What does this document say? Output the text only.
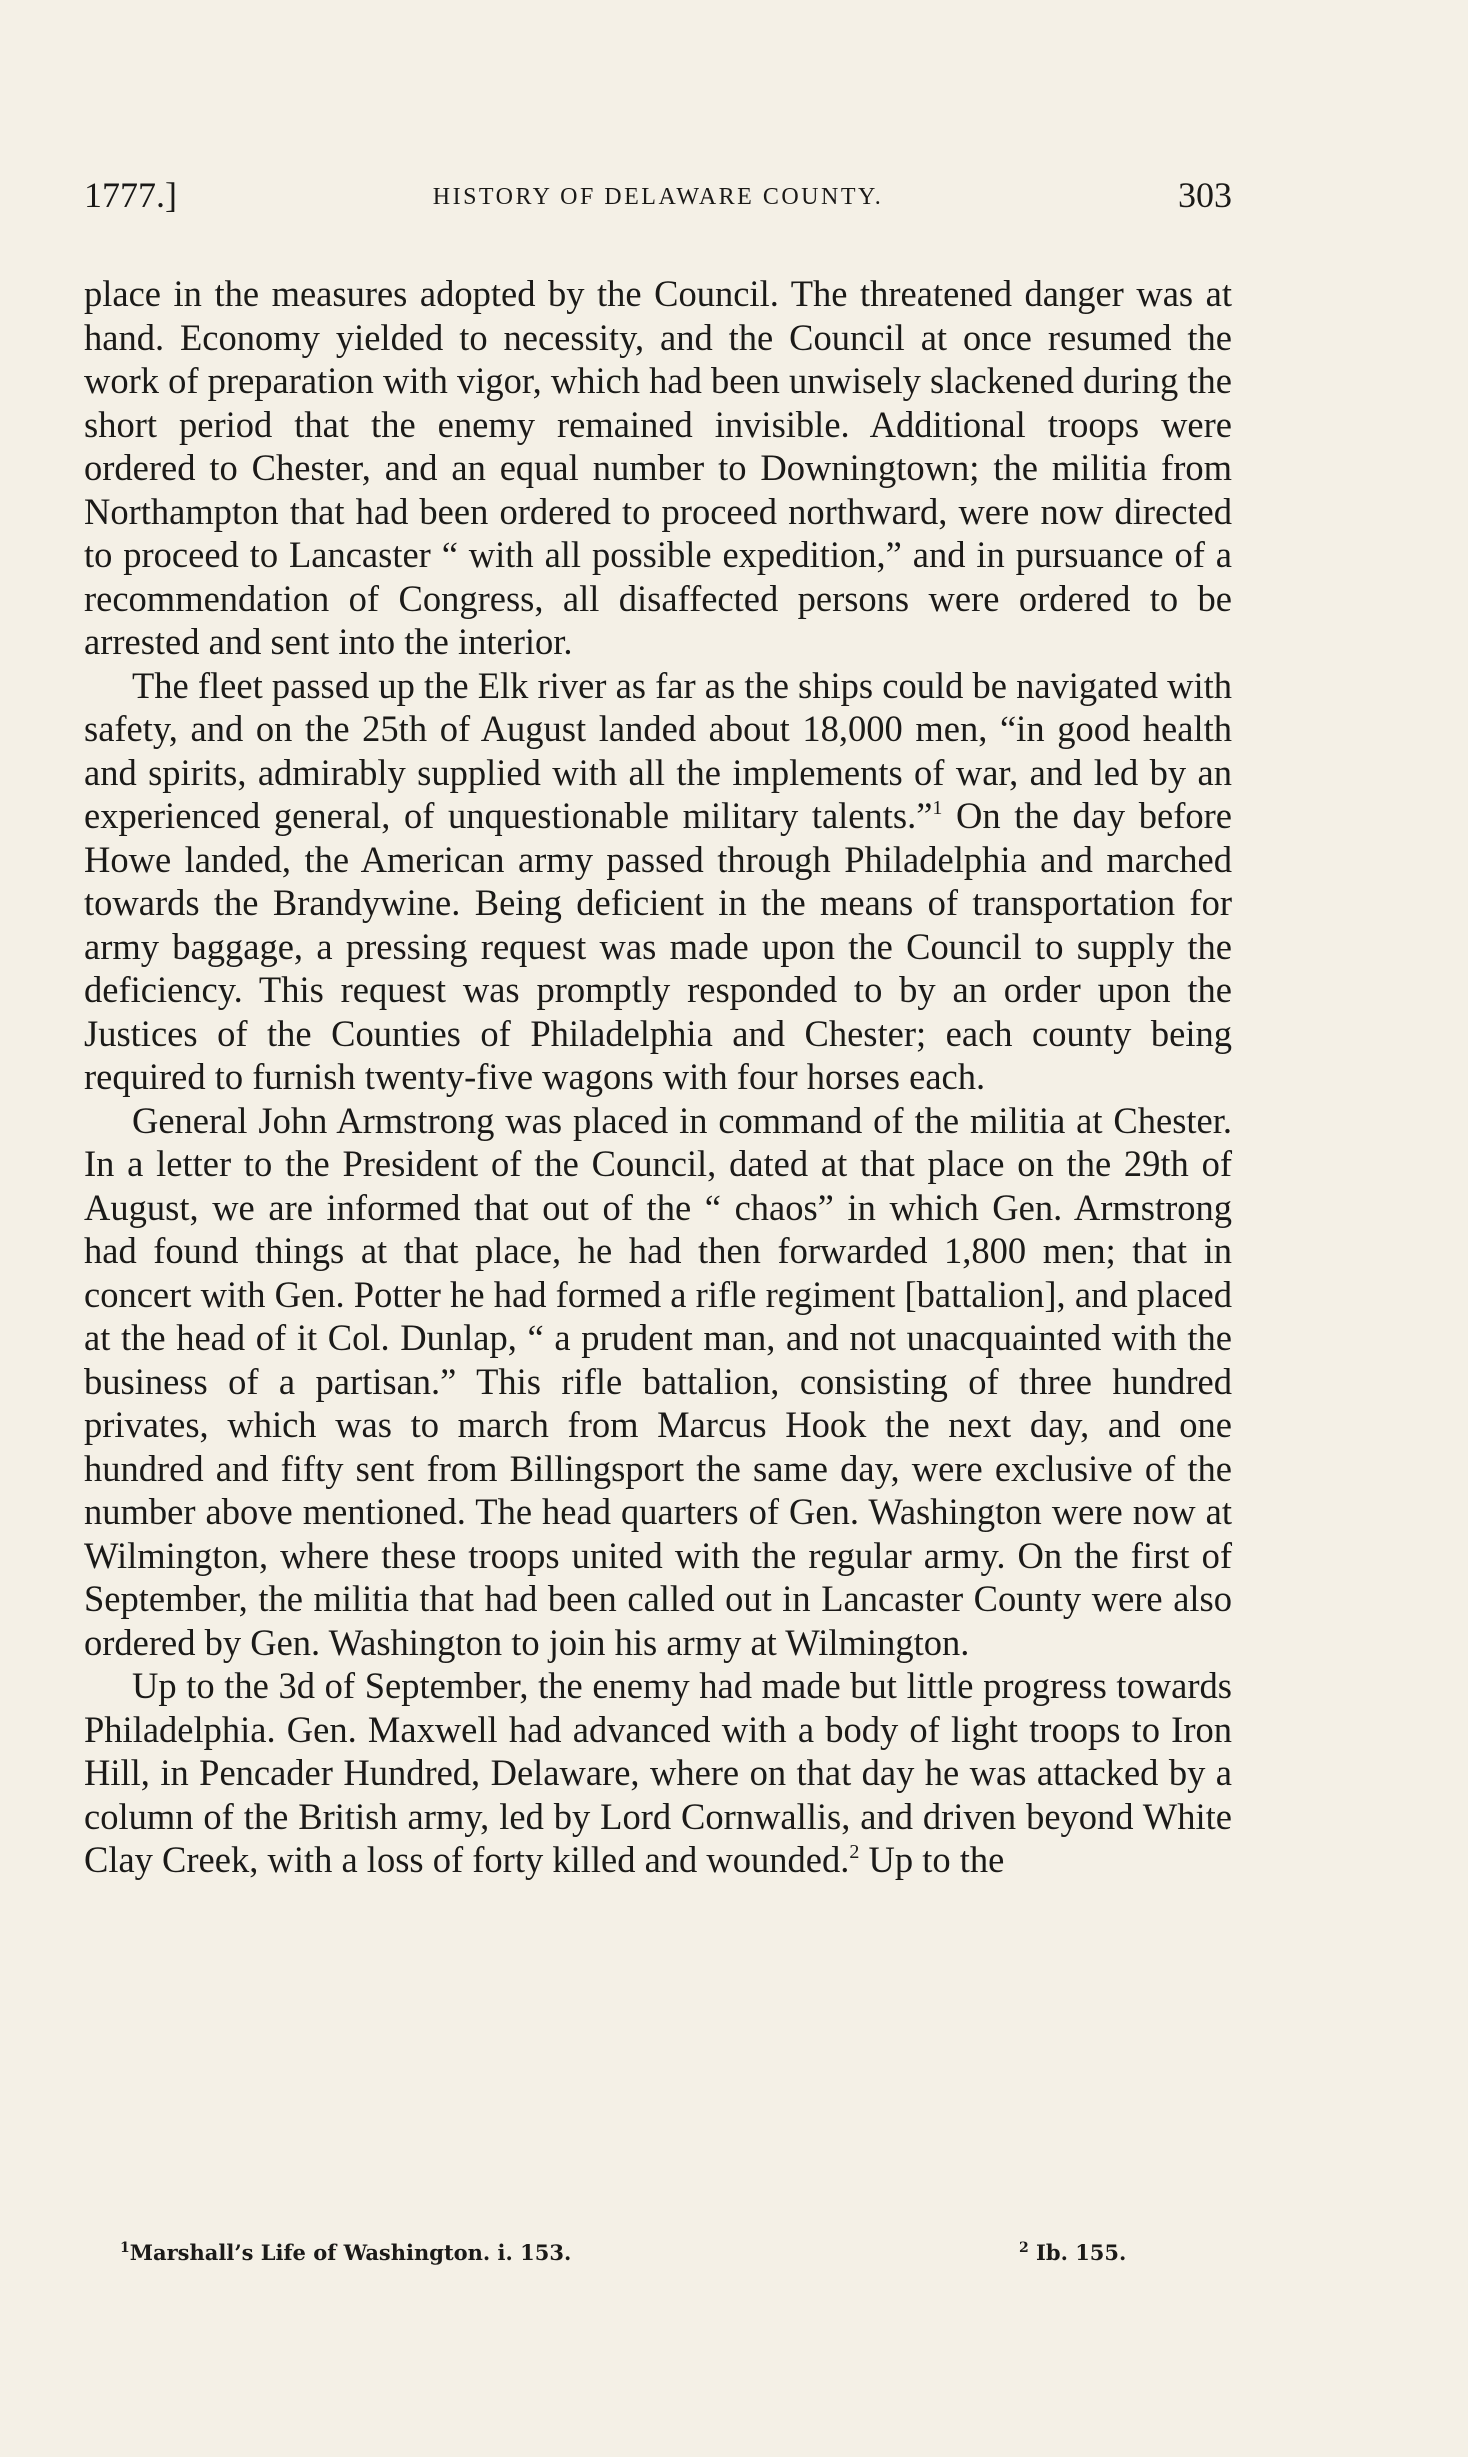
1777.]	HISTORY OF DELAWARE COUNTY.	303

place in the measures adopted by the Council. The threatened danger was at hand. Economy yielded to necessity, and the Council at once resumed the work of preparation with vigor, which had been unwisely slackened during the short period that the enemy remained invisible. Additional troops were ordered to Chester, and an equal number to Downingtown; the militia from Northampton that had been ordered to proceed northward, were now directed to proceed to Lancaster “ with all possible expedition,” and in pursuance of a recommendation of Congress, all disaffected persons were ordered to be arrested and sent into the interior.

The fleet passed up the Elk river as far as the ships could be navigated with safety, and on the 25th of August landed about 18,000 men, “in good health and spirits, admirably supplied with all the implements of war, and led by an experienced general, of unquestionable military talents.”$^1$ On the day before Howe landed, the American army passed through Philadelphia and marched towards the Brandywine. Being deficient in the means of transportation for army baggage, a pressing request was made upon the Council to supply the deficiency. This request was promptly responded to by an order upon the Justices of the Counties of Philadelphia and Chester; each county being required to furnish twenty-five wagons with four horses each.

General John Armstrong was placed in command of the militia at Chester. In a letter to the President of the Council, dated at that place on the 29th of August, we are informed that out of the “ chaos” in which Gen. Armstrong had found things at that place, he had then forwarded 1,800 men; that in concert with Gen. Potter he had formed a rifle regiment [battalion], and placed at the head of it Col. Dunlap, “ a prudent man, and not unacquainted with the business of a partisan.” This rifle battalion, consisting of three hundred privates, which was to march from Marcus Hook the next day, and one hundred and fifty sent from Billingsport the same day, were exclusive of the number above mentioned. The head quarters of Gen. Washington were now at Wilmington, where these troops united with the regular army. On the first of September, the militia that had been called out in Lancaster County were also ordered by Gen. Washington to join his army at Wilmington.

Up to the 3d of September, the enemy had made but little progress towards Philadelphia. Gen. Maxwell had advanced with a body of light troops to Iron Hill, in Pencader Hundred, Delaware, where on that day he was attacked by a column of the British army, led by Lord Cornwallis, and driven beyond White Clay Creek, with a loss of forty killed and wounded.$^2$ Up to the

$^1$Marshall’s Life of Washington. i. 153.	$^2$ Ib. 155.
